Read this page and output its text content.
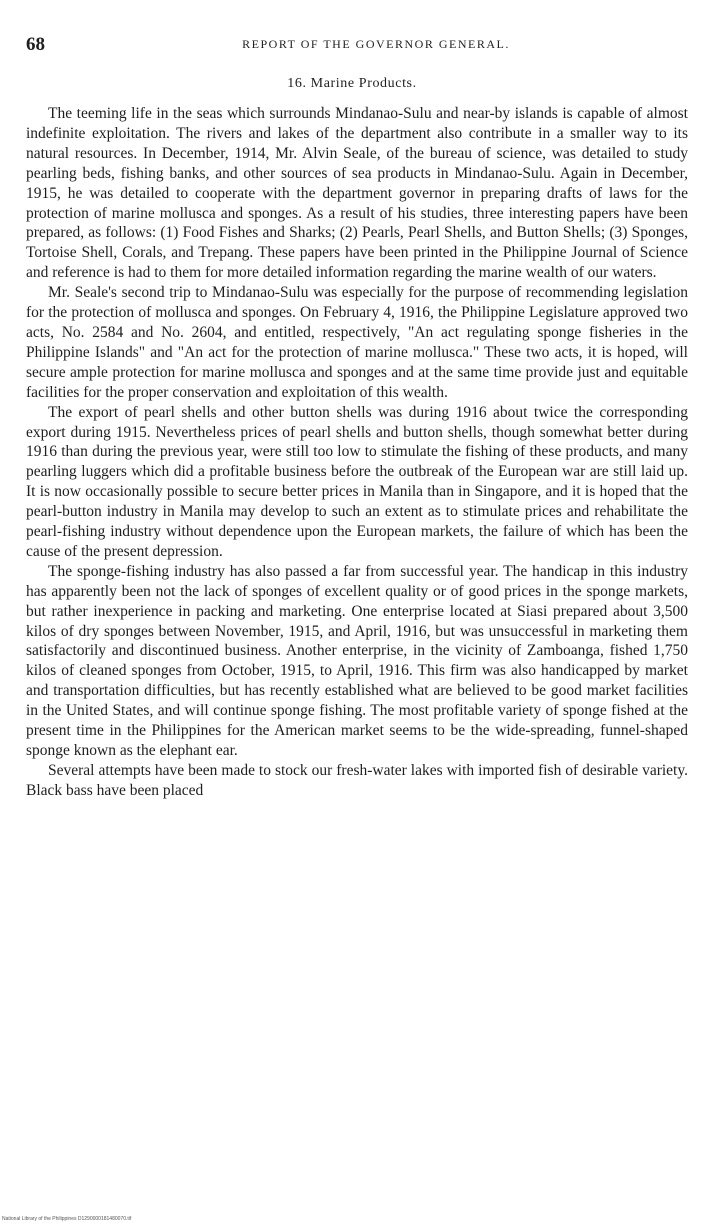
68	REPORT OF THE GOVERNOR GENERAL.
16. Marine Products.

The teeming life in the seas which surrounds Mindanao-Sulu and near-by islands is capable of almost indefinite exploitation. The rivers and lakes of the department also contribute in a smaller way to its natural resources. In December, 1914, Mr. Alvin Seale, of the bureau of science, was detailed to study pearling beds, fishing banks, and other sources of sea products in Mindanao-Sulu. Again in December, 1915, he was detailed to cooperate with the department governor in preparing drafts of laws for the protection of marine mollusca and sponges. As a result of his studies, three interesting papers have been prepared, as follows: (1) Food Fishes and Sharks; (2) Pearls, Pearl Shells, and Button Shells; (3) Sponges, Tortoise Shell, Corals, and Trepang. These papers have been printed in the Philippine Journal of Science and reference is had to them for more detailed information regarding the marine wealth of our waters.

Mr. Seale's second trip to Mindanao-Sulu was especially for the purpose of recommending legislation for the protection of mollusca and sponges. On February 4, 1916, the Philippine Legislature approved two acts, No. 2584 and No. 2604, and entitled, respectively, "An act regulating sponge fisheries in the Philippine Islands" and "An act for the protection of marine mollusca." These two acts, it is hoped, will secure ample protection for marine mollusca and sponges and at the same time provide just and equitable facilities for the proper conservation and exploitation of this wealth.

The export of pearl shells and other button shells was during 1916 about twice the corresponding export during 1915. Nevertheless prices of pearl shells and button shells, though somewhat better during 1916 than during the previous year, were still too low to stimulate the fishing of these products, and many pearling luggers which did a profitable business before the outbreak of the European war are still laid up. It is now occasionally possible to secure better prices in Manila than in Singapore, and it is hoped that the pearl-button industry in Manila may develop to such an extent as to stimulate prices and rehabilitate the pearl-fishing industry without dependence upon the European markets, the failure of which has been the cause of the present depression.

The sponge-fishing industry has also passed a far from successful year. The handicap in this industry has apparently been not the lack of sponges of excellent quality or of good prices in the sponge markets, but rather inexperience in packing and marketing. One enterprise located at Siasi prepared about 3,500 kilos of dry sponges between November, 1915, and April, 1916, but was unsuccessful in marketing them satisfactorily and discontinued business. Another enterprise, in the vicinity of Zamboanga, fished 1,750 kilos of cleaned sponges from October, 1915, to April, 1916. This firm was also handicapped by market and transportation difficulties, but has recently established what are believed to be good market facilities in the United States, and will continue sponge fishing. The most profitable variety of sponge fished at the present time in the Philippines for the American market seems to be the wide-spreading, funnel-shaped sponge known as the elephant ear.

Several attempts have been made to stock our fresh-water lakes with imported fish of desirable variety. Black bass have been placed

National Library of the Philippines D1290000181480070.tif
